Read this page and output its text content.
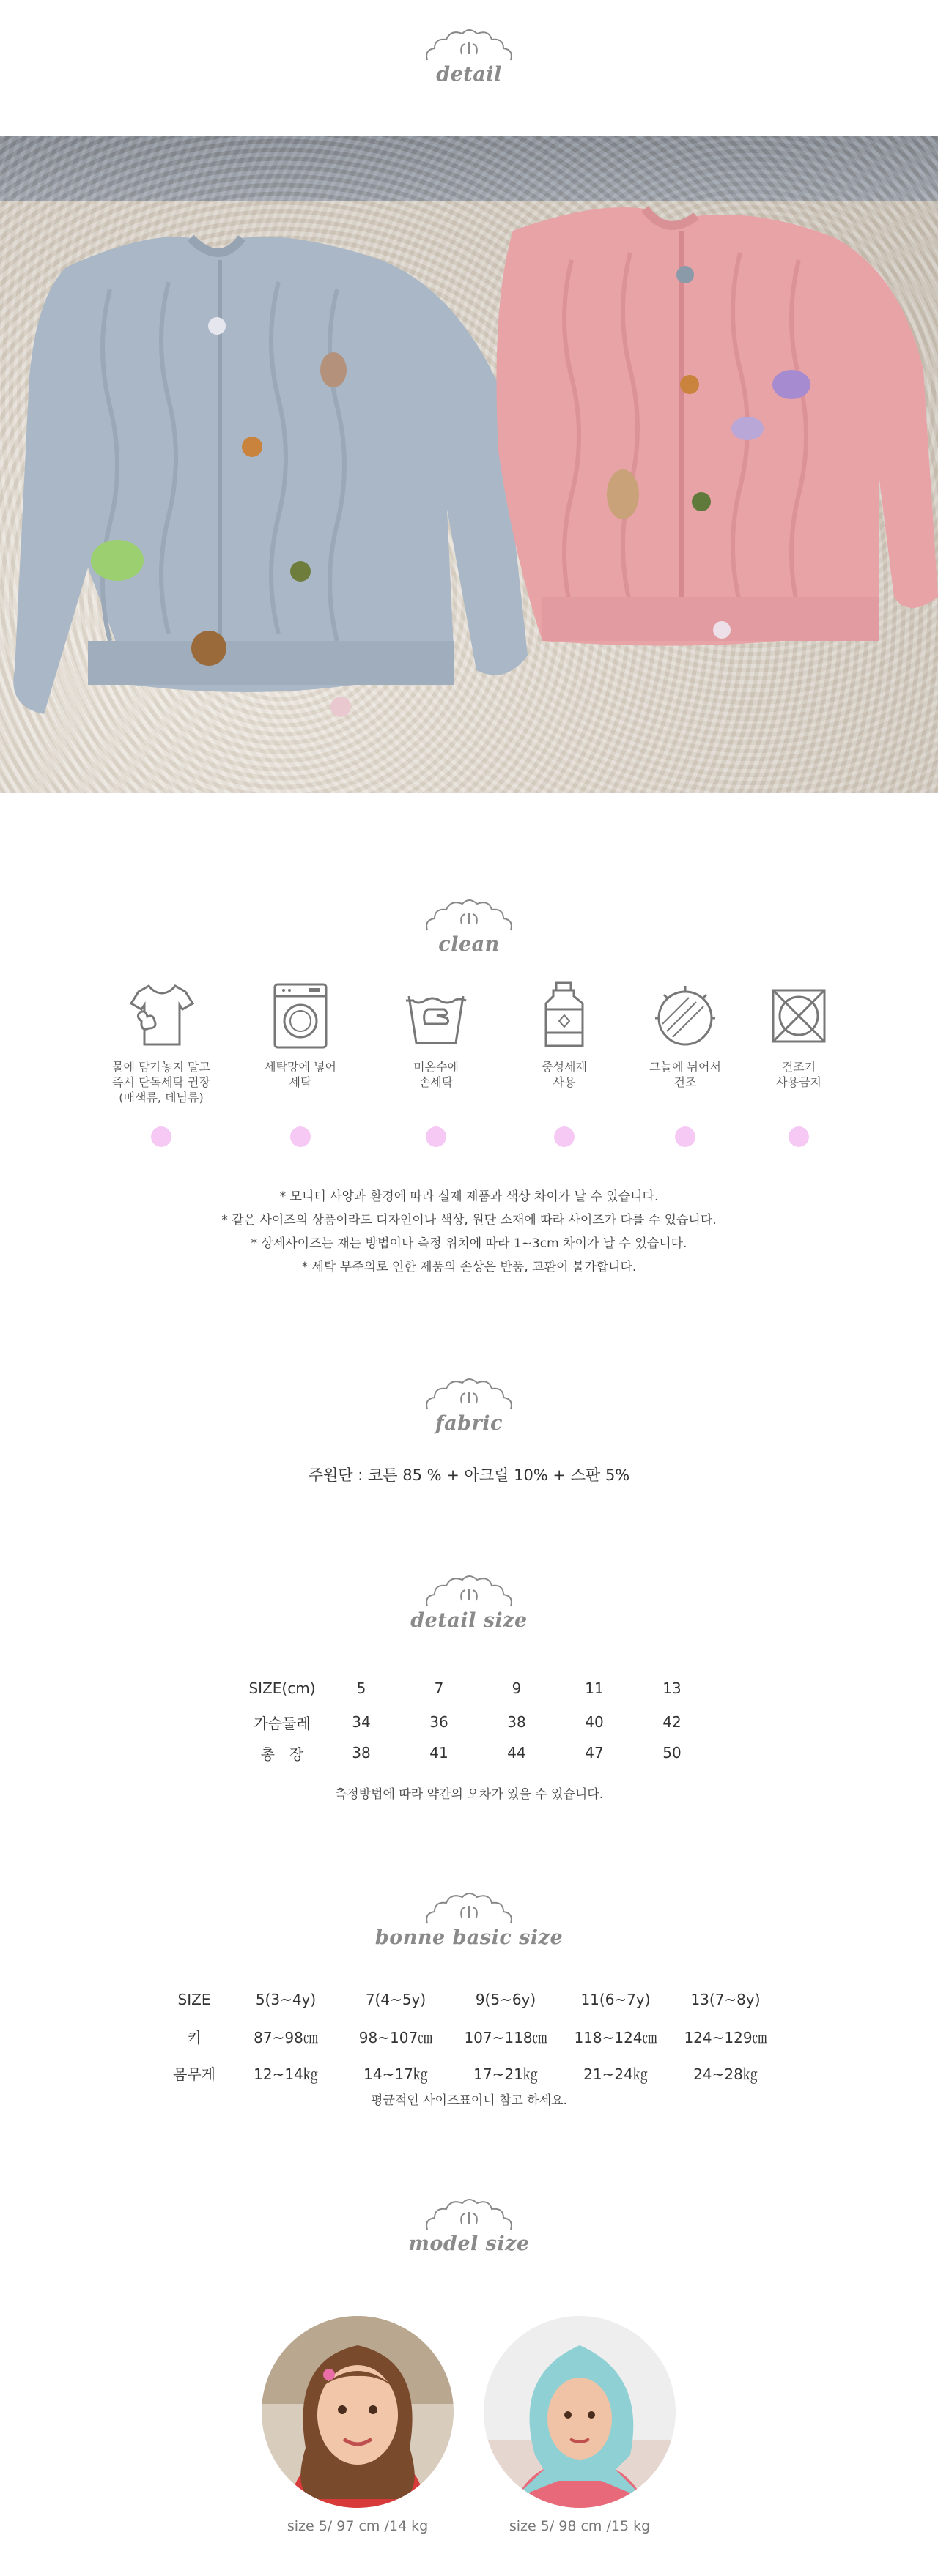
detail
clean
물에 담가놓지 말고
즉시 단독세탁 권장
(배색류, 데님류)
세탁망에 넣어
세탁
미온수에
손세탁
중성세제
사용
그늘에 뉘어서
건조
건조기
사용금지
* 모니터 사양과 환경에 따라 실제 제품과 색상 차이가 날 수 있습니다.
* 같은 사이즈의 상품이라도 디자인이나 색상, 원단 소재에 따라 사이즈가 다를 수 있습니다.
* 상세사이즈는 재는 방법이나 측정 위치에 따라 1~3cm 차이가 날 수 있습니다.
* 세탁 부주의로 인한 제품의 손상은 반품, 교환이 불가합니다.
fabric
주원단 : 코튼 85 % + 아크릴 10% + 스판 5%
detail size
SIZE(cm)	5	7	9	11	13
가슴둘레	34	36	38	40	42
총　장	38	41	44	47	50
측정방법에 따라 약간의 오차가 있을 수 있습니다.
bonne basic size
SIZE	5(3~4y)	7(4~5y)	9(5~6y)	11(6~7y)	13(7~8y)
키	87~98㎝	98~107㎝	107~118㎝	118~124㎝	124~129㎝
몸무게	12~14㎏	14~17㎏	17~21㎏	21~24㎏	24~28㎏
평균적인 사이즈표이니 참고 하세요.
model size
size 5/ 97 cm /14 kg	size 5/ 98 cm /15 kg
